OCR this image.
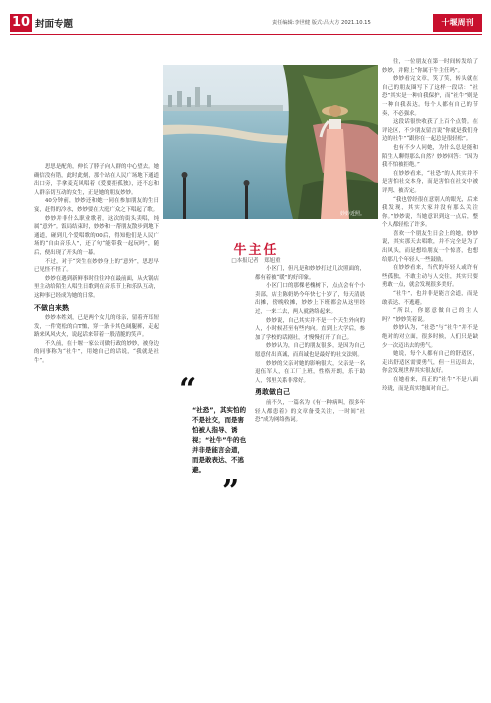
10 封面专题	责任编辑:李世健 版式:吕大方 2021.10.15	十堰周刊
妙妙近照。

思思是配角，伸长了脖子向人群的中心望去。她确信没有错，此时此刻，那个站在人民广场地下通道出口旁，手拿麦克风唱着《爱要拒孤独》，还不忘和人群亲切互动的女生，正是她的朋友妙妙。

40分钟前，妙妙还和她一同在参加朋友的生日宴，赶得的冷水，妙妙要在大庭广众之下唱起了歌。

妙妙并非什么职业歌者，这次的街头卖唱，纯属“意外”。饭局结束时，妙妙和一帮朋友散步到地下通道，碰到几个爱唱歌的00后，得知他们是人民广场的“自由音乐人”，还了句“能带我一起玩吗”，随后，便出现了开头的一幕。

不过，对于“突生在妙妙身上的“意外”，思思早已见怪不怪了。

妙妙在遇到新鲜事时往往冲在最前面，从火锅店里主动给陌生人唱生日歌到在音乐节上和乐队互动，这种事已经成为她的日常。

不做自来熟

妙妙本姓刘，已是两个女儿的母亲，留着齐耳短发，一件宽松的白T恤，穿一条卡其色阔腿裤，走起路来风风火火，说起话来带着一股清脆的笑声。

不久前，在十堰一家公司做行政的妙妙，被身边的同事称为“社牛”，用她自己的话说，“我就是社牛”。

牛主任
□本报记者　郑旭重
“
“社恐”，其实怕的不是社交，而是害怕被人指导、诱视；“社牛”牛的也并非是能言会道，而是敢表达、不逃避。
”

小区门，但凡是和妙妙打过几次照面的，都有着被“暖”的好印象。

小区门口的那棵老槐树下，点点会有个小卖部，店主陈奶奶今年快七十岁了，每天清晨出摊，傍晚收摊，妙妙上下班都会从这里经过，一来二去，两人就熟络起来。

妙妙说，自己其实并不是一个天生外向的人，小时候甚至有些内向。直到上大学后，参加了学校的话剧社，才慢慢打开了自己。

妙妙认为，自己的朋友很多，是因为自己愿意付出真诚，而真诚也是最好的社交法则。

妙妙的父亲对她的影响很大，父亲是一名退伍军人，在工厂上班，性格开朗，乐于助人，邻里关系非常好。

勇敢做自己

前不久，一篇名为《有一种病叫，很多年轻人都患着》的文章备受关注，一时间“社恐”成为网络热词。

往，一位朋友在第一时间转发给了妙妙，并附上“你属于牛主任吗”。

妙妙看完文章，笑了笑，转头就在自己的朋友圈写下了这样一段话：“社恐”其实是一种自我保护，而“社牛”则是一种自我表达。每个人都有自己的节奏，不必强求。

这段话很快收获了上百个点赞。在评论区，不少朋友留言说“你就是我们身边的社牛”“跟你在一起总是很轻松”。

也有不少人问她，为什么总是能和陌生人聊得那么自然？妙妙回答：“因为我不怕被拒绝。”

在妙妙看来，“社恐”的人其实并不是害怕社交本身，而是害怕在社交中被评判、被否定。

“我也曾经很在意别人的眼光，后来我发现，其实大家并没有那么关注你。”妙妙说，当她意识到这一点后，整个人都轻松了许多。

喜欢一个朋友生日会上的她，妙妙说，其实那天去唱歌，并不完全是为了出风头，而是想给朋友一个惊喜，也想给那几个年轻人一些鼓励。

在妙妙看来，当代的年轻人或许有些孤独，不敢主动与人交往，其实只要勇敢一点，就会发现很多美好。

“社牛”，也并非是能言会道，而是敢表达、不逃避。

“所以，你愿意做自己的主人吗？”妙妙笑着说。

妙妙认为，“社恐”与“社牛”并不是绝对的对立面，很多时候，人们只是缺少一次迈出去的勇气。

她说，每个人都有自己的舒适区，走出舒适区需要勇气，但一旦迈出去，你会发现世界其实很友好。

在她看来，真正的“社牛”不是八面玲珑，而是真实地面对自己。
